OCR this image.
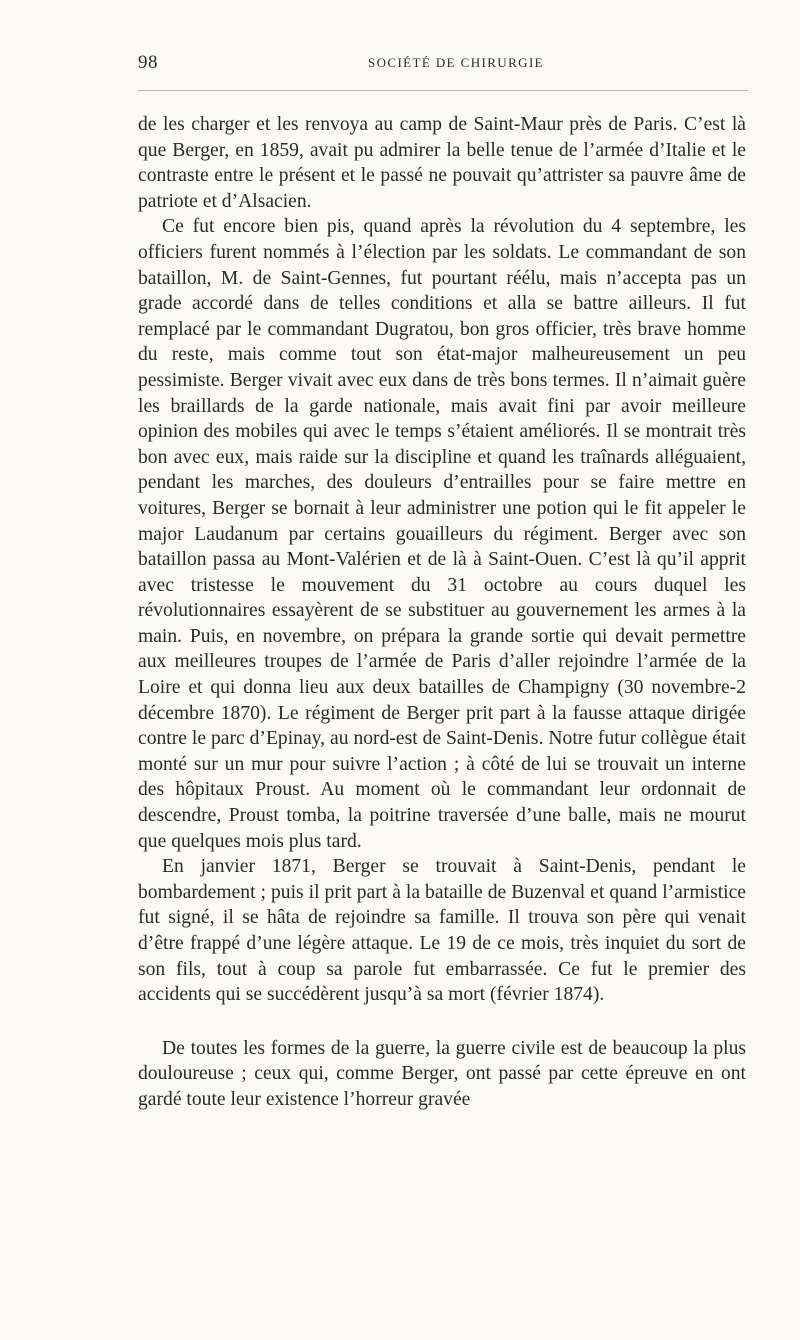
98	SOCIÉTÉ DE CHIRURGIE

de les charger et les renvoya au camp de Saint-Maur près de Paris. C’est là que Berger, en 1859, avait pu admirer la belle tenue de l’armée d’Italie et le contraste entre le présent et le passé ne pouvait qu’attrister sa pauvre âme de patriote et d’Alsacien.

Ce fut encore bien pis, quand après la révolution du 4 septembre, les officiers furent nommés à l’élection par les soldats. Le commandant de son bataillon, M. de Saint-Gennes, fut pourtant réélu, mais n’accepta pas un grade accordé dans de telles conditions et alla se battre ailleurs. Il fut remplacé par le commandant Dugratou, bon gros officier, très brave homme du reste, mais comme tout son état-major malheureusement un peu pessimiste. Berger vivait avec eux dans de très bons termes. Il n’aimait guère les braillards de la garde nationale, mais avait fini par avoir meilleure opinion des mobiles qui avec le temps s’étaient améliorés. Il se montrait très bon avec eux, mais raide sur la discipline et quand les traînards alléguaient, pendant les marches, des douleurs d’entrailles pour se faire mettre en voitures, Berger se bornait à leur administrer une potion qui le fit appeler le major Laudanum par certains gouailleurs du régiment. Berger avec son bataillon passa au Mont-Valérien et de là à Saint-Ouen. C’est là qu’il apprit avec tristesse le mouvement du 31 octobre au cours duquel les révolutionnaires essayèrent de se substituer au gouvernement les armes à la main. Puis, en novembre, on prépara la grande sortie qui devait permettre aux meilleures troupes de l’armée de Paris d’aller rejoindre l’armée de la Loire et qui donna lieu aux deux batailles de Champigny (30 novembre-2 décembre 1870). Le régiment de Berger prit part à la fausse attaque dirigée contre le parc d’Epinay, au nord-est de Saint-Denis. Notre futur collègue était monté sur un mur pour suivre l’action ; à côté de lui se trouvait un interne des hôpitaux Proust. Au moment où le commandant leur ordonnait de descendre, Proust tomba, la poitrine traversée d’une balle, mais ne mourut que quelques mois plus tard.

En janvier 1871, Berger se trouvait à Saint-Denis, pendant le bombardement ; puis il prit part à la bataille de Buzenval et quand l’armistice fut signé, il se hâta de rejoindre sa famille. Il trouva son père qui venait d’être frappé d’une légère attaque. Le 19 de ce mois, très inquiet du sort de son fils, tout à coup sa parole fut embarrassée. Ce fut le premier des accidents qui se succédèrent jusqu’à sa mort (février 1874).

De toutes les formes de la guerre, la guerre civile est de beaucoup la plus douloureuse ; ceux qui, comme Berger, ont passé par cette épreuve en ont gardé toute leur existence l’horreur gravée
